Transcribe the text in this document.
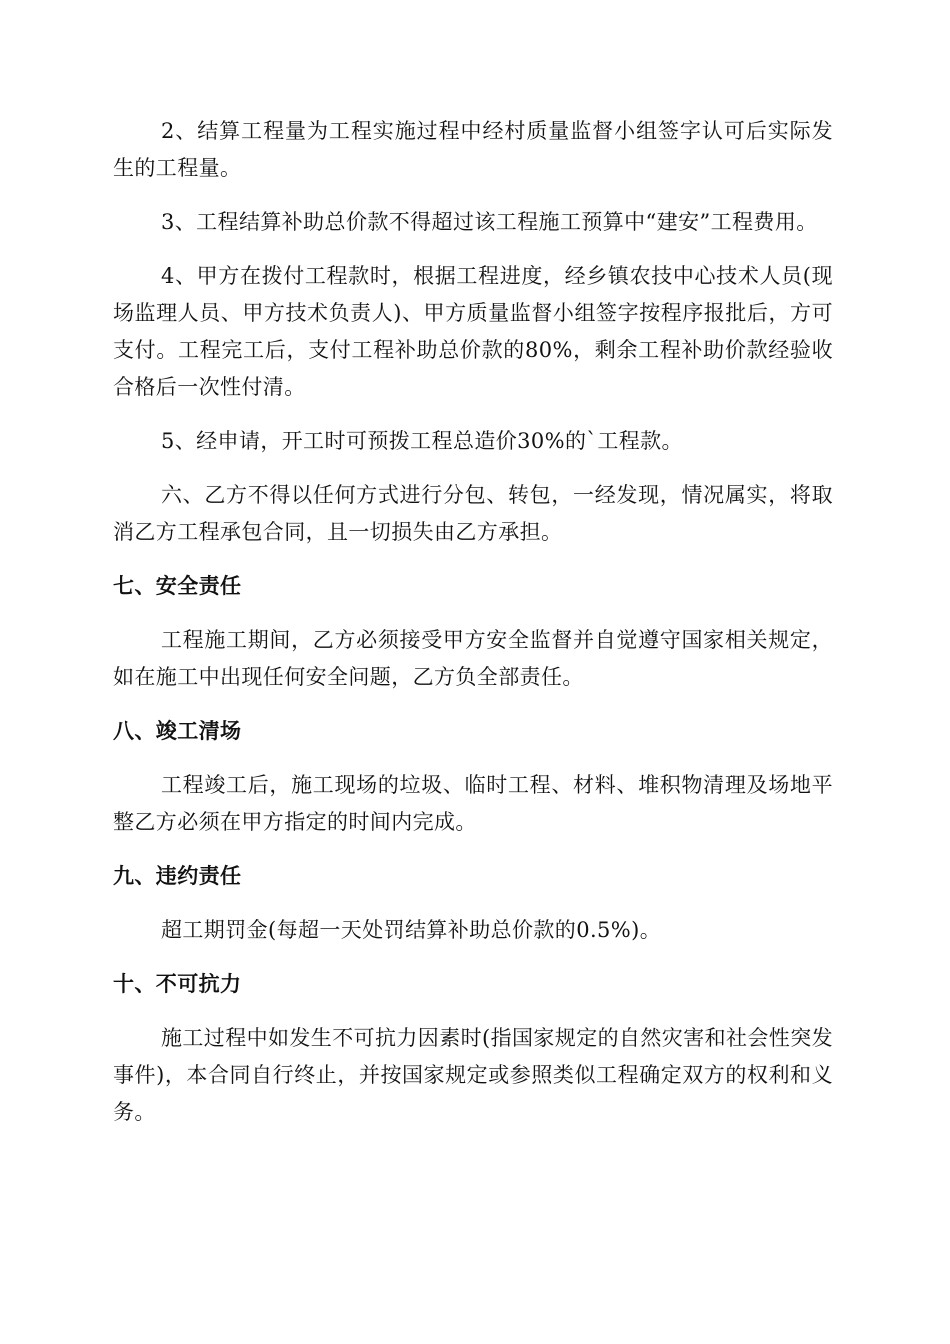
2、结算工程量为工程实施过程中经村质量监督小组签字认可后实际发生的工程量。

3、工程结算补助总价款不得超过该工程施工预算中“建安”工程费用。

4、甲方在拨付工程款时，根据工程进度，经乡镇农技中心技术人员(现场监理人员、甲方技术负责人)、甲方质量监督小组签字按程序报批后，方可支付。工程完工后，支付工程补助总价款的80%，剩余工程补助价款经验收合格后一次性付清。

5、经申请，开工时可预拨工程总造价30%的`工程款。

六、乙方不得以任何方式进行分包、转包，一经发现，情况属实，将取消乙方工程承包合同，且一切损失由乙方承担。

七、安全责任

工程施工期间，乙方必须接受甲方安全监督并自觉遵守国家相关规定，如在施工中出现任何安全问题，乙方负全部责任。

八、竣工清场

工程竣工后，施工现场的垃圾、临时工程、材料、堆积物清理及场地平整乙方必须在甲方指定的时间内完成。

九、违约责任

超工期罚金(每超一天处罚结算补助总价款的0.5%)。

十、不可抗力

施工过程中如发生不可抗力因素时(指国家规定的自然灾害和社会性突发事件)，本合同自行终止，并按国家规定或参照类似工程确定双方的权利和义务。
